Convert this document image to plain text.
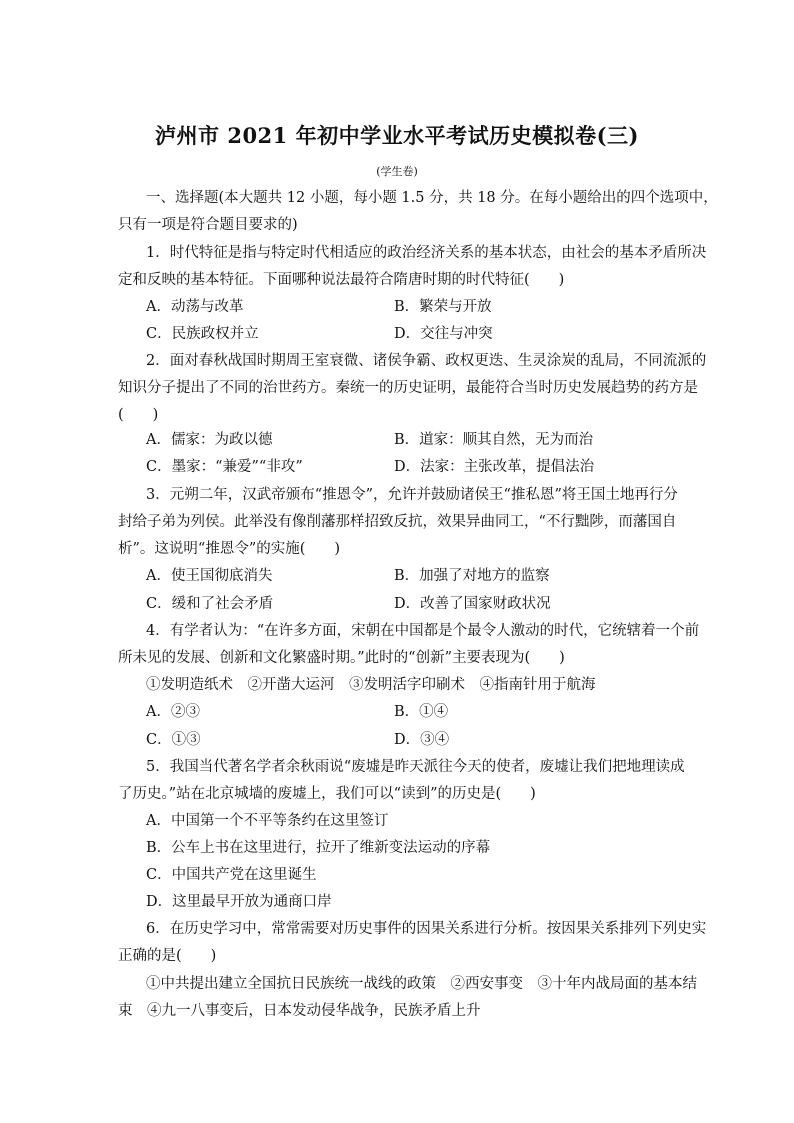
泸州市 2021 年初中学业水平考试历史模拟卷(三)
(学生卷)
一、选择题(本大题共 12 小题，每小题 1.5 分，共 18 分。在每小题给出的四个选项中，
只有一项是符合题目要求的)
1．时代特征是指与特定时代相适应的政治经济关系的基本状态，由社会的基本矛盾所决
定和反映的基本特征。下面哪种说法最符合隋唐时期的时代特征(　　)
A．动荡与改革	B．繁荣与开放
C．民族政权并立	D．交往与冲突
2．面对春秋战国时期周王室衰微、诸侯争霸、政权更迭、生灵涂炭的乱局，不同流派的
知识分子提出了不同的治世药方。秦统一的历史证明，最能符合当时历史发展趋势的药方是
(　　)
A．儒家：为政以德	B．道家：顺其自然，无为而治
C．墨家：“兼爱”“非攻”	D．法家：主张改革，提倡法治
3．元朔二年，汉武帝颁布“推恩令”，允许并鼓励诸侯王“推私恩”将王国土地再行分
封给子弟为列侯。此举没有像削藩那样招致反抗，效果异曲同工，“不行黜陟，而藩国自
析”。这说明“推恩令”的实施(　　)
A．使王国彻底消失	B．加强了对地方的监察
C．缓和了社会矛盾	D．改善了国家财政状况
4．有学者认为：“在许多方面，宋朝在中国都是个最令人激动的时代，它统辖着一个前
所未见的发展、创新和文化繁盛时期。”此时的“创新”主要表现为(　　)
①发明造纸术　②开凿大运河　③发明活字印刷术　④指南针用于航海
A．②③	B．①④
C．①③	D．③④
5．我国当代著名学者余秋雨说“废墟是昨天派往今天的使者，废墟让我们把地理读成
了历史。”站在北京城墙的废墟上，我们可以“读到”的历史是(　　)
A．中国第一个不平等条约在这里签订
B．公车上书在这里进行，拉开了维新变法运动的序幕
C．中国共产党在这里诞生
D．这里最早开放为通商口岸
6．在历史学习中，常常需要对历史事件的因果关系进行分析。按因果关系排列下列史实
正确的是(　　)
①中共提出建立全国抗日民族统一战线的政策　②西安事变　③十年内战局面的基本结
束　④九一八事变后，日本发动侵华战争，民族矛盾上升
